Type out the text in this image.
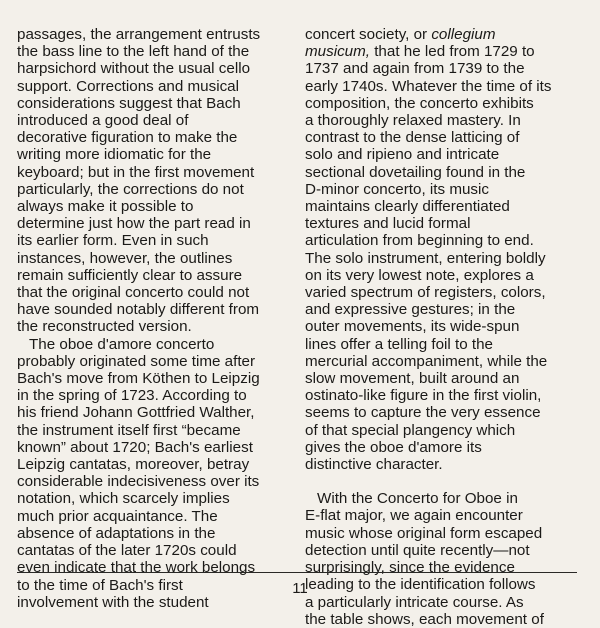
passages, the arrangement entrusts
the bass line to the left hand of the
harpsichord without the usual cello
support. Corrections and musical
considerations suggest that Bach
introduced a good deal of
decorative figuration to make the
writing more idiomatic for the
keyboard; but in the first movement
particularly, the corrections do not
always make it possible to
determine just how the part read in
its earlier form. Even in such
instances, however, the outlines
remain sufficiently clear to assure
that the original concerto could not
have sounded notably different from
the reconstructed version.

The oboe d'amore concerto
probably originated some time after
Bach's move from Köthen to Leipzig
in the spring of 1723. According to
his friend Johann Gottfried Walther,
the instrument itself first “became
known” about 1720; Bach's earliest
Leipzig cantatas, moreover, betray
considerable indecisiveness over its
notation, which scarcely implies
much prior acquaintance. The
absence of adaptations in the
cantatas of the later 1720s could
even indicate that the work belongs
to the time of Bach's first
involvement with the student

concert society, or collegium
musicum, that he led from 1729 to
1737 and again from 1739 to the
early 1740s. Whatever the time of its
composition, the concerto exhibits
a thoroughly relaxed mastery. In
contrast to the dense latticing of
solo and ripieno and intricate
sectional dovetailing found in the
D-minor concerto, its music
maintains clearly differentiated
textures and lucid formal
articulation from beginning to end.
The solo instrument, entering boldly
on its very lowest note, explores a
varied spectrum of registers, colors,
and expressive gestures; in the
outer movements, its wide-spun
lines offer a telling foil to the
mercurial accompaniment, while the
slow movement, built around an
ostinato-like figure in the first violin,
seems to capture the very essence
of that special plangency which
gives the oboe d'amore its
distinctive character.

With the Concerto for Oboe in
E-flat major, we again encounter
music whose original form escaped
detection until quite recently—not
surprisingly, since the evidence
leading to the identification follows
a particularly intricate course. As
the table shows, each movement of

11
